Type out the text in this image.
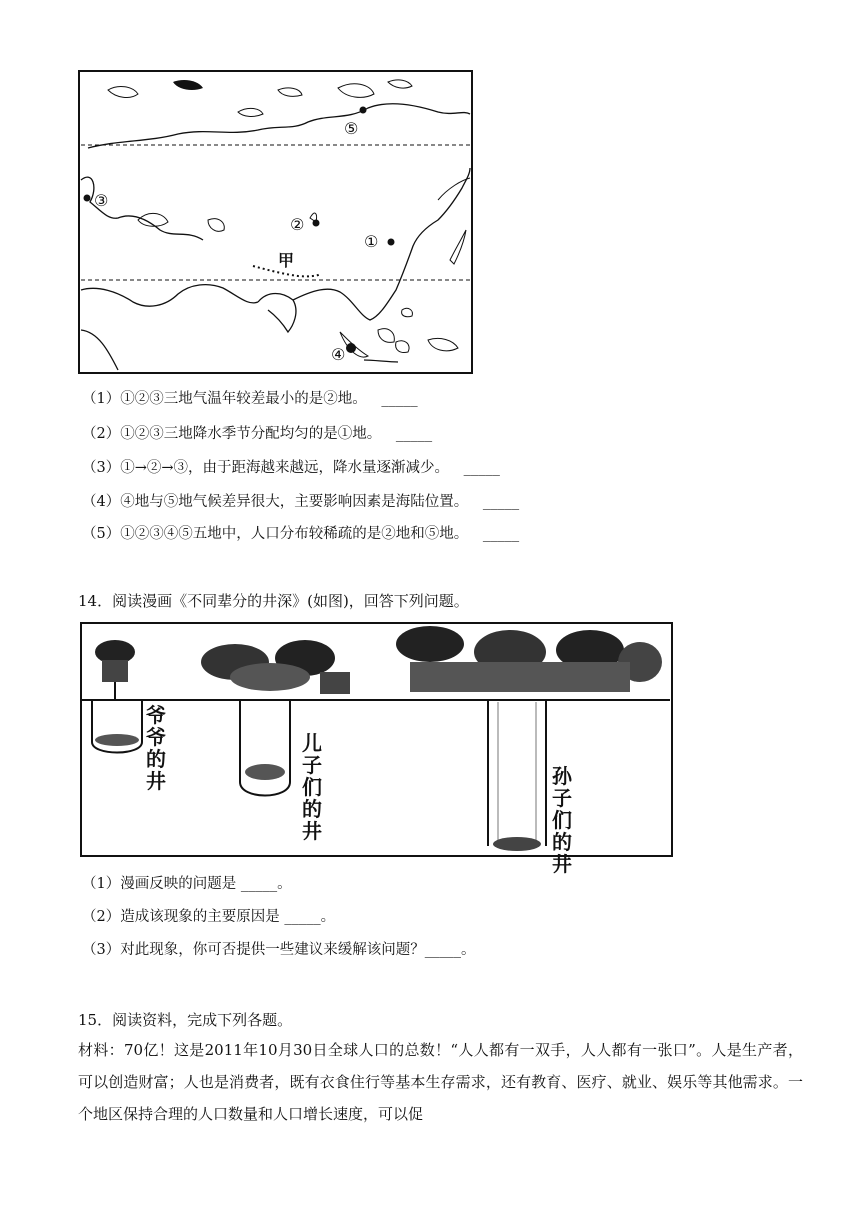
⑤
③
②
①
④
甲
（1）①②③三地气温年较差最小的是②地。 _____
（2）①②③三地降水季节分配均匀的是①地。 _____
（3）①→②→③，由于距海越来越远，降水量逐渐减少。 _____
（4）④地与⑤地气候差异很大，主要影响因素是海陆位置。 _____
（5）①②③④⑤五地中，人口分布较稀疏的是②地和⑤地。 _____
14．阅读漫画《不同辈分的井深》(如图)，回答下列问题。
爷爷的井
儿子们的井
孙子们的井
（1）漫画反映的问题是 _____。
（2）造成该现象的主要原因是 _____。
（3）对此现象，你可否提供一些建议来缓解该问题？_____。
15．阅读资料，完成下列各题。
材料：70亿！这是2011年10月30日全球人口的总数！“人人都有一双手，人人都有一张口”。人是生产者，可以创造财富；人也是消费者，既有衣食住行等基本生存需求，还有教育、医疗、就业、娱乐等其他需求。一个地区保持合理的人口数量和人口增长速度，可以促
